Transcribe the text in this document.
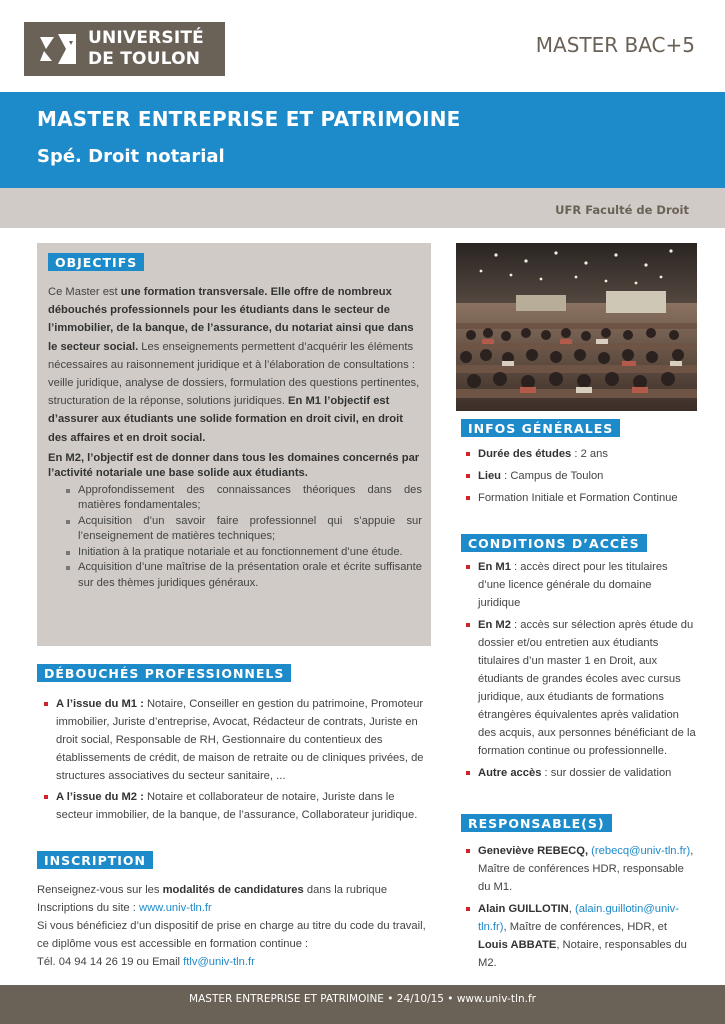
UNIVERSITÉ
DE TOULON
MASTER BAC+5
MASTER ENTREPRISE ET PATRIMOINE
Spé. Droit notarial
UFR Faculté de Droit
OBJECTIFS

Ce Master est une formation transversale. Elle offre de nombreux débouchés professionnels pour les étudiants dans le secteur de l’immobilier, de la banque, de l’assurance, du notariat ainsi que dans le secteur social. Les enseignements permettent d’acquérir les éléments nécessaires au raisonnement juridique et à l’élaboration de consultations : veille juridique, analyse de dossiers, formulation des questions pertinentes, structuration de la réponse, solutions juridiques. En M1 l’objectif est d’assurer aux étudiants une solide formation en droit civil, en droit des affaires et en droit social.

En M2, l’objectif est de donner dans tous les domaines concernés par l’activité notariale une base solide aux étudiants.

Approfondissement des connaissances théoriques dans des matières fondamentales;
Acquisition d’un savoir faire professionnel qui s’appuie sur l’enseignement de matières techniques;
Initiation à la pratique notariale et au fonctionnement d’une étude.
Acquisition d’une maîtrise de la présentation orale et écrite suffisante sur des thèmes juridiques généraux.
INFOS GÉNÉRALES
Durée des études : 2 ans
Lieu : Campus de Toulon
Formation Initiale et Formation Continue
CONDITIONS D’ACCÈS
En M1 : accès direct pour les titulaires d’une licence générale du domaine juridique
En M2 : accès sur sélection après étude du dossier et/ou entretien aux étudiants titulaires d’un master 1 en Droit, aux étudiants de grandes écoles avec cursus juridique, aux étudiants de formations étrangères équivalentes après validation des acquis, aux personnes bénéficiant de la formation continue ou professionnelle.
Autre accès : sur dossier de validation
RESPONSABLE(S)
Geneviève REBECQ, (rebecq@univ-tln.fr), Maître de conférences HDR, responsable du M1.
Alain GUILLOTIN, (alain.guillotin@univ-tln.fr), Maître de conférences, HDR, et Louis ABBATE, Notaire, responsables du M2.
DÉBOUCHÉS PROFESSIONNELS
A l’issue du M1 : Notaire, Conseiller en gestion du patrimoine, Promoteur immobilier, Juriste d’entreprise, Avocat, Rédacteur de contrats, Juriste en droit social, Responsable de RH, Gestionnaire du contentieux des établissements de crédit, de maison de retraite ou de cliniques privées, de structures associatives du secteur sanitaire, ...
A l’issue du M2 : Notaire et collaborateur de notaire, Juriste dans le secteur immobilier, de la banque, de l’assurance, Collaborateur juridique.
INSCRIPTION
Renseignez-vous sur les modalités de candidatures dans la rubrique
Inscriptions du site : www.univ-tln.fr
Si vous bénéficiez d’un dispositif de prise en charge au titre du code du travail, ce diplôme vous est accessible en formation continue :
Tél. 04 94 14 26 19 ou Email ftlv@univ-tln.fr
MASTER ENTREPRISE ET PATRIMOINE • 24/10/15 • www.univ-tln.fr
